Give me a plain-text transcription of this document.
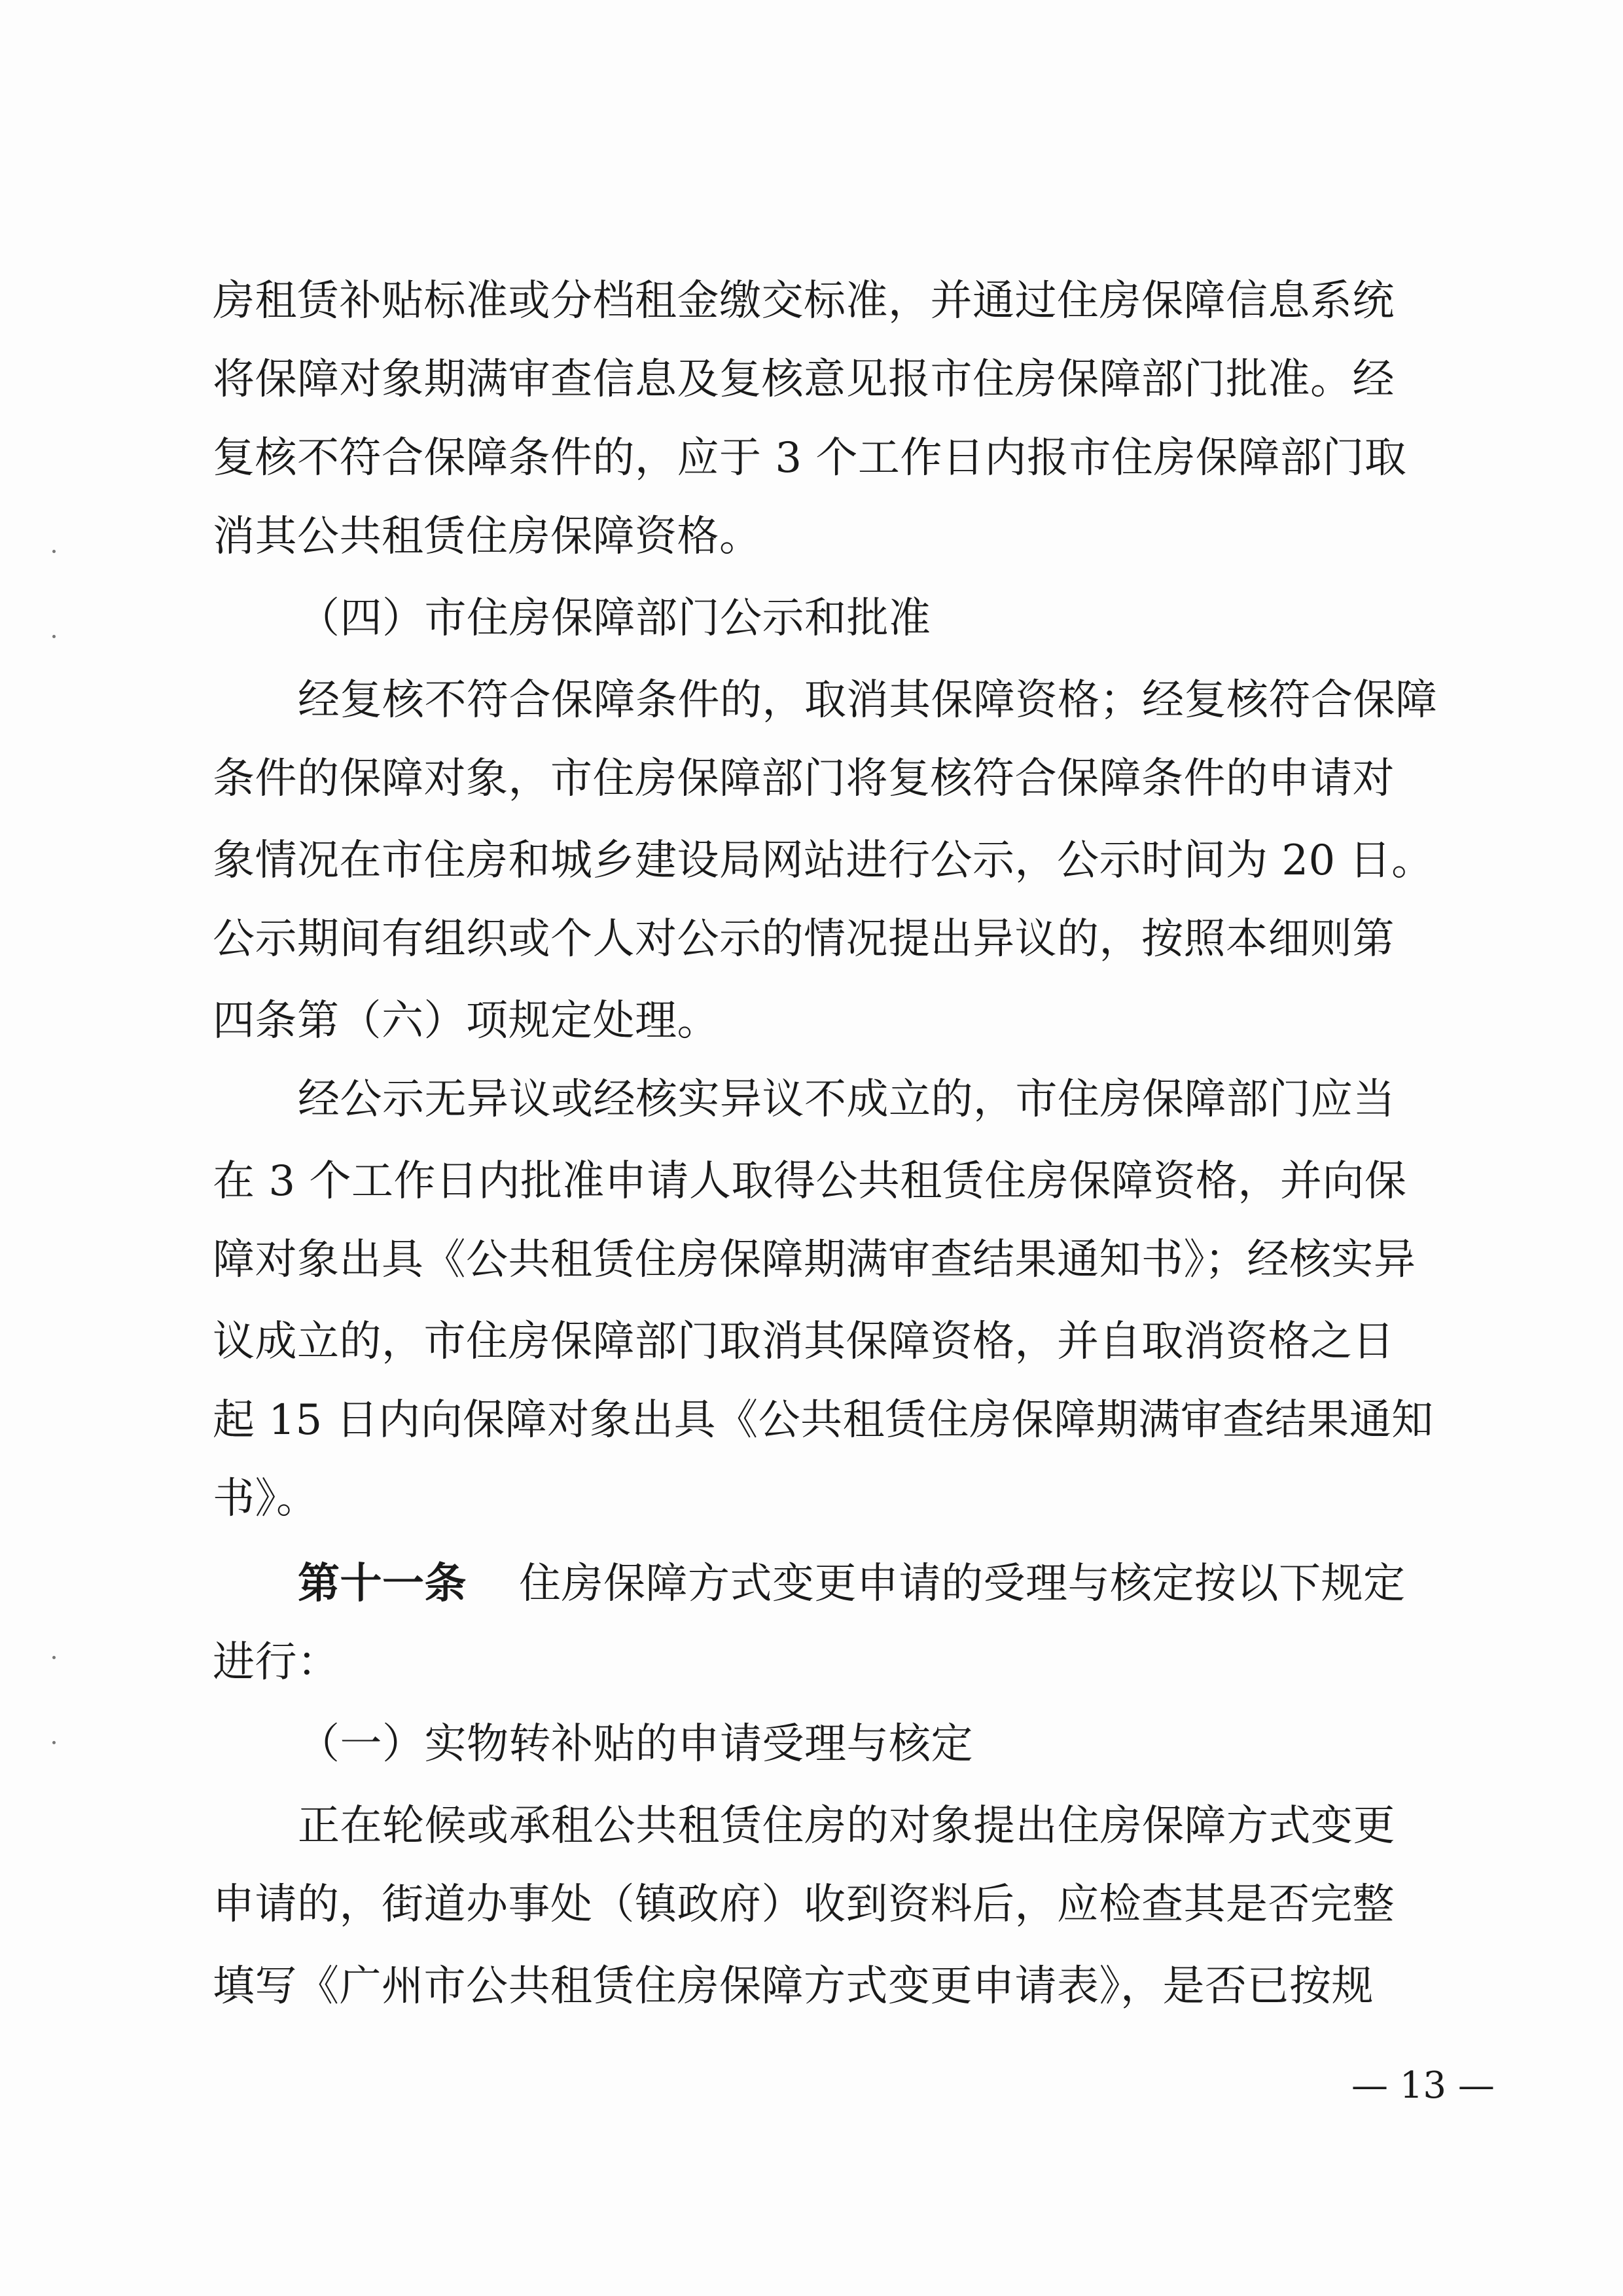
房租赁补贴标准或分档租金缴交标准，并通过住房保障信息系统

将保障对象期满审查信息及复核意见报市住房保障部门批准。经

复核不符合保障条件的，应于 3 个工作日内报市住房保障部门取

消其公共租赁住房保障资格。

（四）市住房保障部门公示和批准

经复核不符合保障条件的，取消其保障资格；经复核符合保障

条件的保障对象，市住房保障部门将复核符合保障条件的申请对

象情况在市住房和城乡建设局网站进行公示，公示时间为 20 日。

公示期间有组织或个人对公示的情况提出异议的，按照本细则第

四条第（六）项规定处理。

经公示无异议或经核实异议不成立的，市住房保障部门应当

在 3 个工作日内批准申请人取得公共租赁住房保障资格，并向保

障对象出具《公共租赁住房保障期满审查结果通知书》；经核实异

议成立的，市住房保障部门取消其保障资格，并自取消资格之日

起 15 日内向保障对象出具《公共租赁住房保障期满审查结果通知

书》。

第十一条 住房保障方式变更申请的受理与核定按以下规定

进行：

（一）实物转补贴的申请受理与核定

正在轮候或承租公共租赁住房的对象提出住房保障方式变更

申请的，街道办事处（镇政府）收到资料后，应检查其是否完整

填写《广州市公共租赁住房保障方式变更申请表》，是否已按规

— 13 —
